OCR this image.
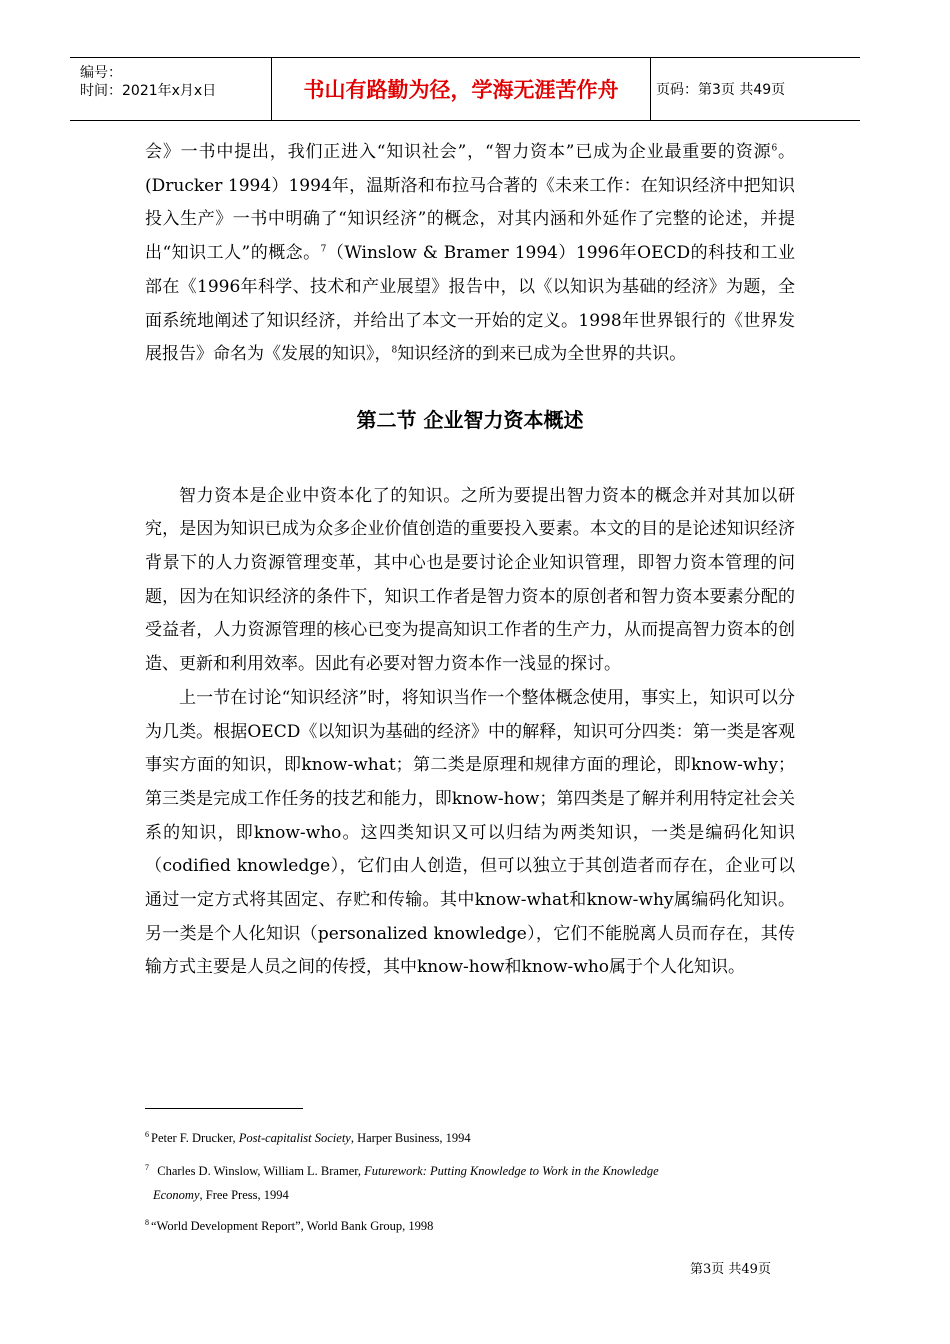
编号：
时间：2021年x月x日	书山有路勤为径，学海无涯苦作舟	页码：第3页 共49页

会》一书中提出，我们正进入“知识社会”，“智力资本”已成为企业最重要的资源$^6$。(Drucker 1994）1994年，温斯洛和布拉马合著的《未来工作：在知识经济中把知识投入生产》一书中明确了“知识经济”的概念，对其内涵和外延作了完整的论述，并提出“知识工人”的概念。$^7$（Winslow & Bramer 1994）1996年OECD的科技和工业部在《1996年科学、技术和产业展望》报告中，以《以知识为基础的经济》为题，全面系统地阐述了知识经济，并给出了本文一开始的定义。1998年世界银行的《世界发展报告》命名为《发展的知识》，$^8$知识经济的到来已成为全世界的共识。

第二节 企业智力资本概述

智力资本是企业中资本化了的知识。之所为要提出智力资本的概念并对其加以研究，是因为知识已成为众多企业价值创造的重要投入要素。本文的目的是论述知识经济背景下的人力资源管理变革，其中心也是要讨论企业知识管理，即智力资本管理的问题，因为在知识经济的条件下，知识工作者是智力资本的原创者和智力资本要素分配的受益者，人力资源管理的核心已变为提高知识工作者的生产力，从而提高智力资本的创造、更新和利用效率。因此有必要对智力资本作一浅显的探讨。

上一节在讨论“知识经济”时，将知识当作一个整体概念使用，事实上，知识可以分为几类。根据OECD《以知识为基础的经济》中的解释，知识可分四类：第一类是客观事实方面的知识，即know-what；第二类是原理和规律方面的理论，即know-why；第三类是完成工作任务的技艺和能力，即know-how；第四类是了解并利用特定社会关系的知识，即know-who。这四类知识又可以归结为两类知识，一类是编码化知识（codified knowledge），它们由人创造，但可以独立于其创造者而存在，企业可以通过一定方式将其固定、存贮和传输。其中know-what和know-why属编码化知识。另一类是个人化知识（personalized knowledge），它们不能脱离人员而存在，其传输方式主要是人员之间的传授，其中know-how和know-who属于个人化知识。

$^6$ Peter F. Drucker, Post-capitalist Society, Harper Business, 1994
$^7$ Charles D. Winslow, William L. Bramer, Futurework: Putting Knowledge to Work in the Knowledge
Economy, Free Press, 1994
$^8$ “World Development Report”, World Bank Group, 1998
第3页 共49页
